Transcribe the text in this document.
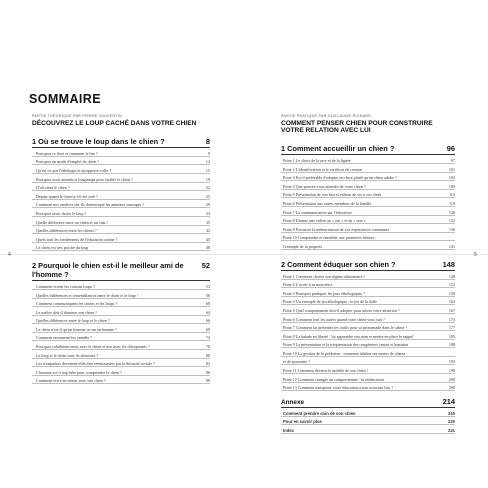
4	5
SOMMAIRE
PARTIE THÉORIQUE PAR PIERRE JOUVENTIN
DÉCOUVREZ LE LOUP CACHÉ DANS VOTRE CHIEN
1 Où se trouve le loup dans le chien ?	8
Pourquoi ce livre et comment le lire ?	9
Pourquoi un mode d'emploi du chien ?	12
Qu'est-ce que l'éthologie et qu'apporte-t-elle ?	15
Pourquoi avoir attendu si longtemps pour étudier le chien ?	19
D'où vient le chien ?	22
Depuis quand le chien a-t-il été créé ?	25
Comment nos ancêtres ont-ils domestiqué les animaux sauvages ?	29
Pourquoi avoir choisi le loup ?	33
Quelle différence entre un chien et un chat ?	35
Quelles différences entre les chiens ?	42
Quels sont les fondements de l'éducation canine ?	45
Le chien est très proche du loup	48
2 Pourquoi le chien est-il le meilleur ami de l'homme ?
52
Comment vivent les cousins loups ?	53
Quelles différences et ressemblances entre le chien et le loup ?	56
Comment communiquent les chiens et les loups ?	60
Le maître doit-il dominer son chien ?	64
Quelles différences entre le loup et le chien ?	66
Le chien n'est-il qu'un homme ou un carhomme ?	69
Comment raisonnent les canidés ?	73
Pourquoi cohabitons-nous avec le chien et non avec les chimpanzés ?	76
Le loup et le chien sont-ils altruistes ?	80
Les rivaquettes devraient-elles être remboursées par la Sécurité sociale ?	83
L'homme est-il trop bête pour comprendre le chien ?	86
Comment vivre en mieux avec son chien ?	90
PARTIE PRATIQUE PAR GUILLAUME RICHARD
COMMENT PENSER CHIEN POUR CONSTRUIRE VOTRE RELATION AVEC LUI
1 Comment accueillir un chien ?	96
Point 1 Le choix de la race et de la lignée	97
Point 2 L'identification et le certificat de cession	101
Point 3 Est-il préférable d'adopter un chiot plutôt qu'un chien adulte ?	103
Point 4 Que pouvez-vous attendre de votre chien ?	109
Point 5 Présentation de son lieu et rythme de vie à vos côtés	113
Point 6 Présentation aux autres membres de la famille	119
Point 7 La communication par l'éducation	126
Point 8 Donner une valeur au « oui » et au « non »	132
Point 9 Favoriser la mémorisation de vos expériences communes	136
Point 10 Comprendre et remédier aux premières bêtises :
l'exemple de la propreté	141
2 Comment éduquer son chien ?	148
Point 1 Comment choisir son régime alimentaire ?	149
Point 2 L'accès à sa nourriture	152
Point 3 Pourquoi pratiquer les jeux éthologiques ?	158
Point 4 Un exemple de jeu éthologique : le jeu de la balle	162
Point 5 Quel comportement doit-il adopter pour attirer votre attention ?	167
Point 6 Comment font les autres quand votre chien vous suit ?	174
Point 7 Comment lui présenter les outils pour sa promenade dans le calme ?	177
Point 8 La balade en liberté : lui apprendre son nom et mettre en place le rappel	183
Point 9 La présentation et la fréquentation des congénères canins et humains	188
Point 10 La gestion de la prédation : comment inhiber ses envies de chasse
et de poursuite ?	193
Point 11 Comment devenir le modèle de son chien ?	198
Point 12 Comment changer un comportement : la rééducation	200
Point 13 Comment transposer votre éducation à tout nouveau lieu ?	208
Annexe	214
Comment prendre soin de son chien	215
Pour en savoir plus	220
Index	221
